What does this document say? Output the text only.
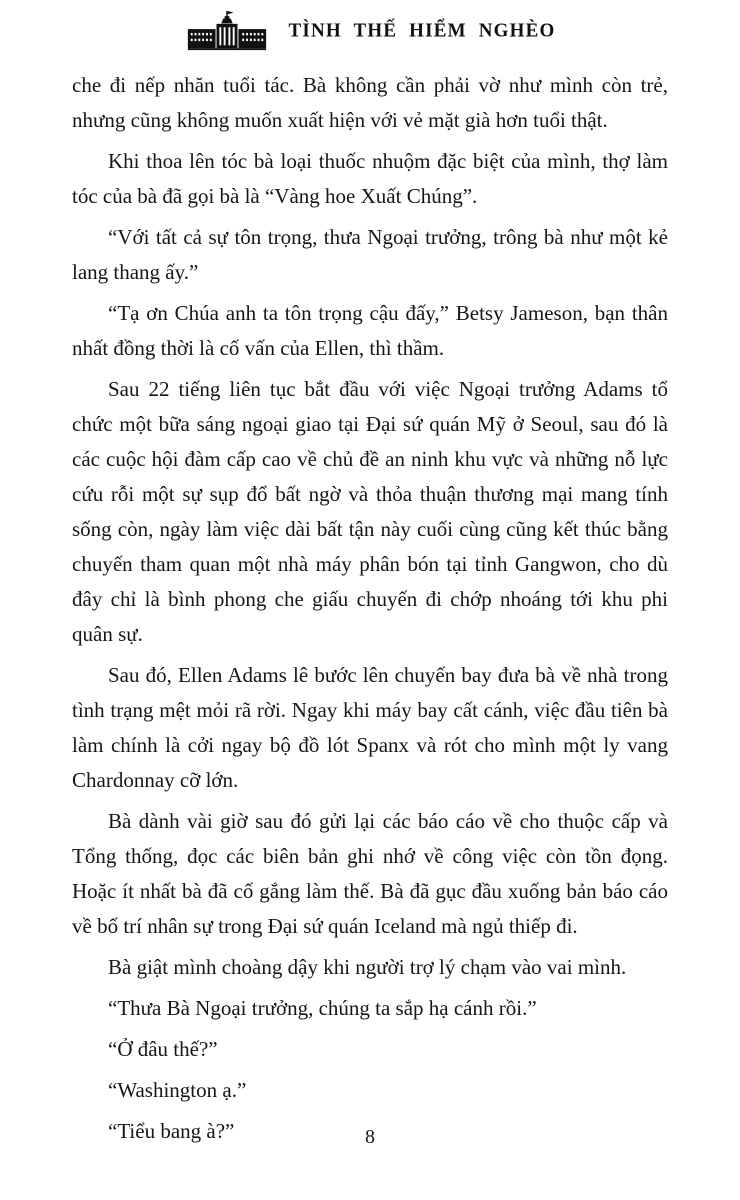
TÌNH THẾ HIỂM NGHÈO

che đi nếp nhăn tuổi tác. Bà không cần phải vờ như mình còn trẻ, nhưng cũng không muốn xuất hiện với vẻ mặt già hơn tuổi thật.

Khi thoa lên tóc bà loại thuốc nhuộm đặc biệt của mình, thợ làm tóc của bà đã gọi bà là “Vàng hoe Xuất Chúng”.

“Với tất cả sự tôn trọng, thưa Ngoại trưởng, trông bà như một kẻ lang thang ấy.”

“Tạ ơn Chúa anh ta tôn trọng cậu đấy,” Betsy Jameson, bạn thân nhất đồng thời là cố vấn của Ellen, thì thầm.

Sau 22 tiếng liên tục bắt đầu với việc Ngoại trưởng Adams tổ chức một bữa sáng ngoại giao tại Đại sứ quán Mỹ ở Seoul, sau đó là các cuộc hội đàm cấp cao về chủ đề an ninh khu vực và những nỗ lực cứu rỗi một sự sụp đổ bất ngờ và thỏa thuận thương mại mang tính sống còn, ngày làm việc dài bất tận này cuối cùng cũng kết thúc bằng chuyến tham quan một nhà máy phân bón tại tỉnh Gangwon, cho dù đây chỉ là bình phong che giấu chuyến đi chớp nhoáng tới khu phi quân sự.

Sau đó, Ellen Adams lê bước lên chuyến bay đưa bà về nhà trong tình trạng mệt mỏi rã rời. Ngay khi máy bay cất cánh, việc đầu tiên bà làm chính là cởi ngay bộ đồ lót Spanx và rót cho mình một ly vang Chardonnay cỡ lớn.

Bà dành vài giờ sau đó gửi lại các báo cáo về cho thuộc cấp và Tổng thống, đọc các biên bản ghi nhớ về công việc còn tồn đọng. Hoặc ít nhất bà đã cố gắng làm thế. Bà đã gục đầu xuống bản báo cáo về bố trí nhân sự trong Đại sứ quán Iceland mà ngủ thiếp đi.

Bà giật mình choàng dậy khi người trợ lý chạm vào vai mình.

“Thưa Bà Ngoại trưởng, chúng ta sắp hạ cánh rồi.”

“Ở đâu thế?”

“Washington ạ.”

“Tiểu bang à?”	8
